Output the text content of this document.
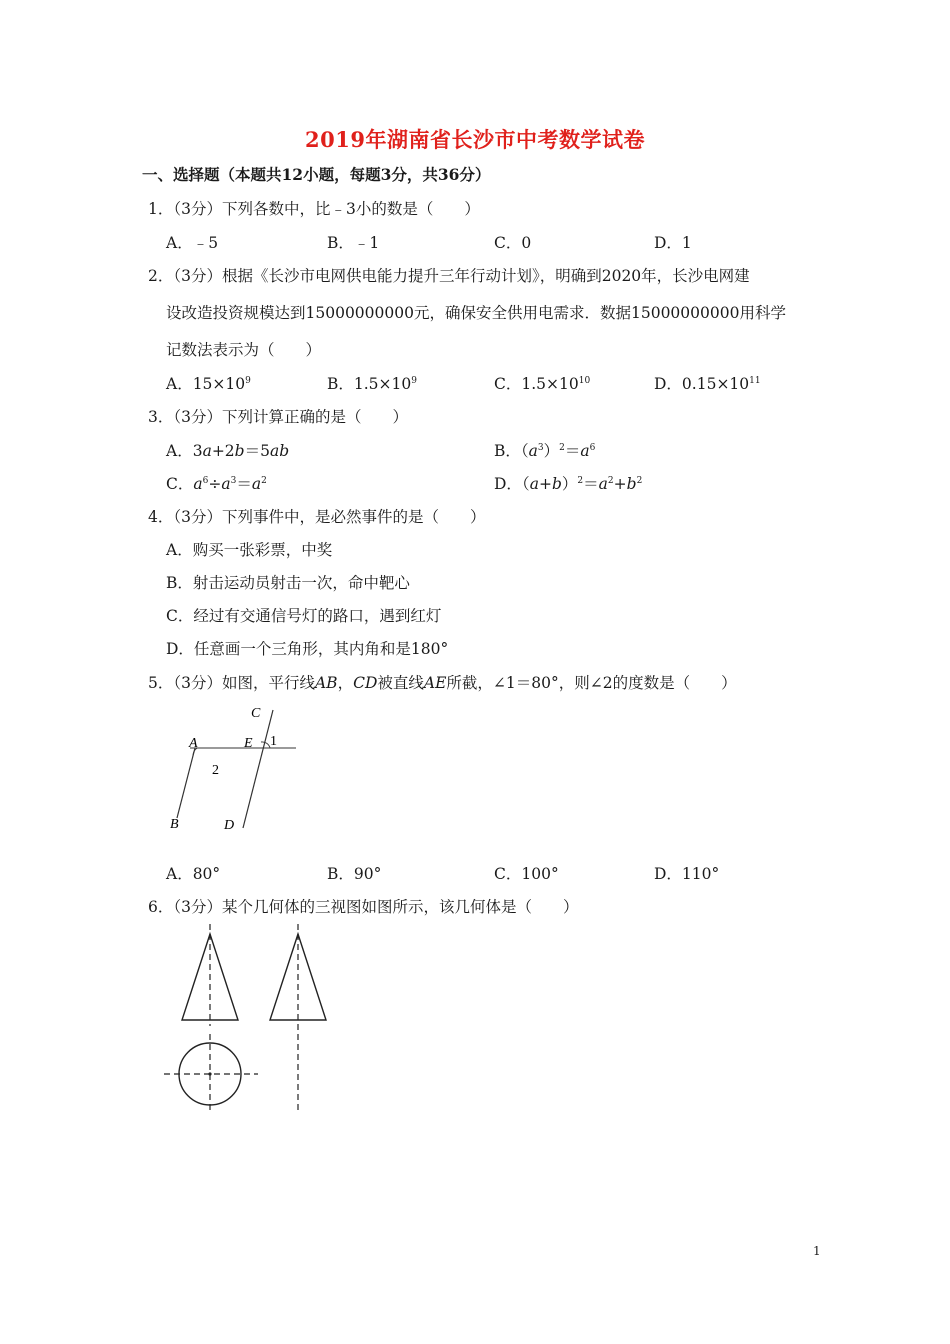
2019年湖南省长沙市中考数学试卷
一、选择题（本题共12小题，每题3分，共36分）
1．（3分）下列各数中，比﹣3小的数是（　　）
A．﹣5	B．﹣1	C．0	D．1
2．（3分）根据《长沙市电网供电能力提升三年行动计划》，明确到2020年，长沙电网建
设改造投资规模达到15000000000元，确保安全供用电需求．数据15000000000用科学
记数法表示为（　　）
A．$15\times 10^9$	B．$1.5\times 10^9$	C．$1.5\times 10^{10}$	D．$0.15\times 10^{11}$
3．（3分）下列计算正确的是（　　）
A．3a+2b＝5ab	B．$(a^3)^2=a^6$
C．$a^6\div a^3=a^2$	D．$(a+b)^2=a^2+b^2$
4．（3分）下列事件中，是必然事件的是（　　）
A．购买一张彩票，中奖
B．射击运动员射击一次，命中靶心
C．经过有交通信号灯的路口，遇到红灯
D．任意画一个三角形，其内角和是180°
5．（3分）如图，平行线AB，CD被直线AE所截，∠1＝80°，则∠2的度数是（　　）
C
A	E 1
2
B	D
A．80°	B．90°	C．100°	D．110°
6．（3分）某个几何体的三视图如图所示，该几何体是（　　）
1
